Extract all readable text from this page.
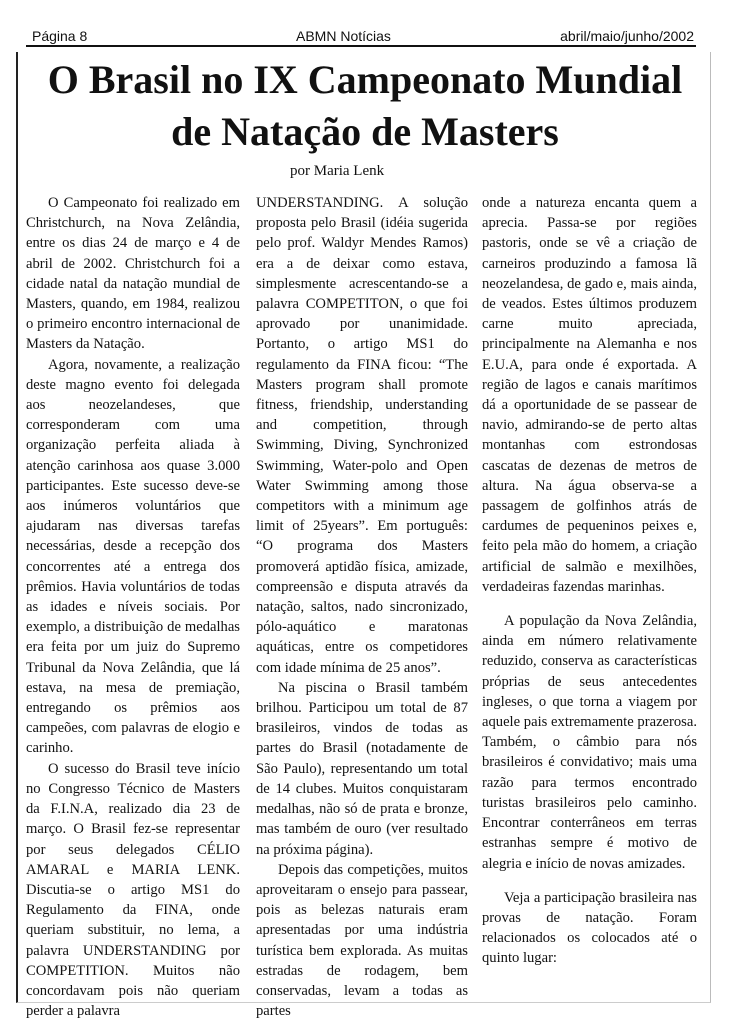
Página 8	ABMN Notícias	abril/maio/junho/2002
O Brasil no IX Campeonato Mundial de Natação de Masters
por Maria Lenk

O Campeonato foi realizado em Christchurch, na Nova Zelândia, entre os dias 24 de março e 4 de abril de 2002. Christchurch foi a cidade natal da natação mundial de Masters, quando, em 1984, realizou o primeiro encontro internacional de Masters da Natação.

Agora, novamente, a realização deste magno evento foi delegada aos neozelandeses, que corresponderam com uma organização perfeita aliada à atenção carinhosa aos quase 3.000 participantes. Este sucesso deve-se aos inúmeros voluntários que ajudaram nas diversas tarefas necessárias, desde a recepção dos concorrentes até a entrega dos prêmios. Havia voluntários de todas as idades e níveis sociais. Por exemplo, a distribuição de medalhas era feita por um juiz do Supremo Tribunal da Nova Zelândia, que lá estava, na mesa de premiação, entregando os prêmios aos campeões, com palavras de elogio e carinho.

O sucesso do Brasil teve início no Congresso Técnico de Masters da F.I.N.A, realizado dia 23 de março. O Brasil fez-se representar por seus delegados CÉLIO AMARAL e MARIA LENK. Discutia-se o artigo MS1 do Regulamento da FINA, onde queriam substituir, no lema, a palavra UNDERSTANDING por COMPETITION. Muitos não concordavam pois não queriam perder a palavra

UNDERSTANDING. A solução proposta pelo Brasil (idéia sugerida pelo prof. Waldyr Mendes Ramos) era a de deixar como estava, simplesmente acrescentando-se a palavra COMPETITON, o que foi aprovado por unanimidade. Portanto, o artigo MS1 do regulamento da FINA ficou: “The Masters program shall promote fitness, friendship, understanding and competition, through Swimming, Diving, Synchronized Swimming, Water-polo and Open Water Swimming among those competitors with a minimum age limit of 25years”. Em português: “O programa dos Masters promoverá aptidão física, amizade, compreensão e disputa através da natação, saltos, nado sincronizado, pólo-aquático e maratonas aquáticas, entre os competidores com idade mínima de 25 anos”.

Na piscina o Brasil também brilhou. Participou um total de 87 brasileiros, vindos de todas as partes do Brasil (notadamente de São Paulo), representando um total de 14 clubes. Muitos conquistaram medalhas, não só de prata e bronze, mas também de ouro (ver resultado na próxima página).

Depois das competições, muitos aproveitaram o ensejo para passear, pois as belezas naturais eram apresentadas por uma indústria turística bem explorada. As muitas estradas de rodagem, bem conservadas, levam a todas as partes

onde a natureza encanta quem a aprecia. Passa-se por regiões pastoris, onde se vê a criação de carneiros produzindo a famosa lã neozelandesa, de gado e, mais ainda, de veados. Estes últimos produzem carne muito apreciada, principalmente na Alemanha e nos E.U.A, para onde é exportada. A região de lagos e canais marítimos dá a oportunidade de se passear de navio, admirando-se de perto altas montanhas com estrondosas cascatas de dezenas de metros de altura. Na água observa-se a passagem de golfinhos atrás de cardumes de pequeninos peixes e, feito pela mão do homem, a criação artificial de salmão e mexilhões, verdadeiras fazendas marinhas.

A população da Nova Zelândia, ainda em número relativamente reduzido, conserva as características próprias de seus antecedentes ingleses, o que torna a viagem por aquele pais extremamente prazerosa. Também, o câmbio para nós brasileiros é convidativo; mais uma razão para termos encontrado turistas brasileiros pelo caminho. Encontrar conterrâneos em terras estranhas sempre é motivo de alegria e início de novas amizades.

Veja a participação brasileira nas provas de natação. Foram relacionados os colocados até o quinto lugar:
